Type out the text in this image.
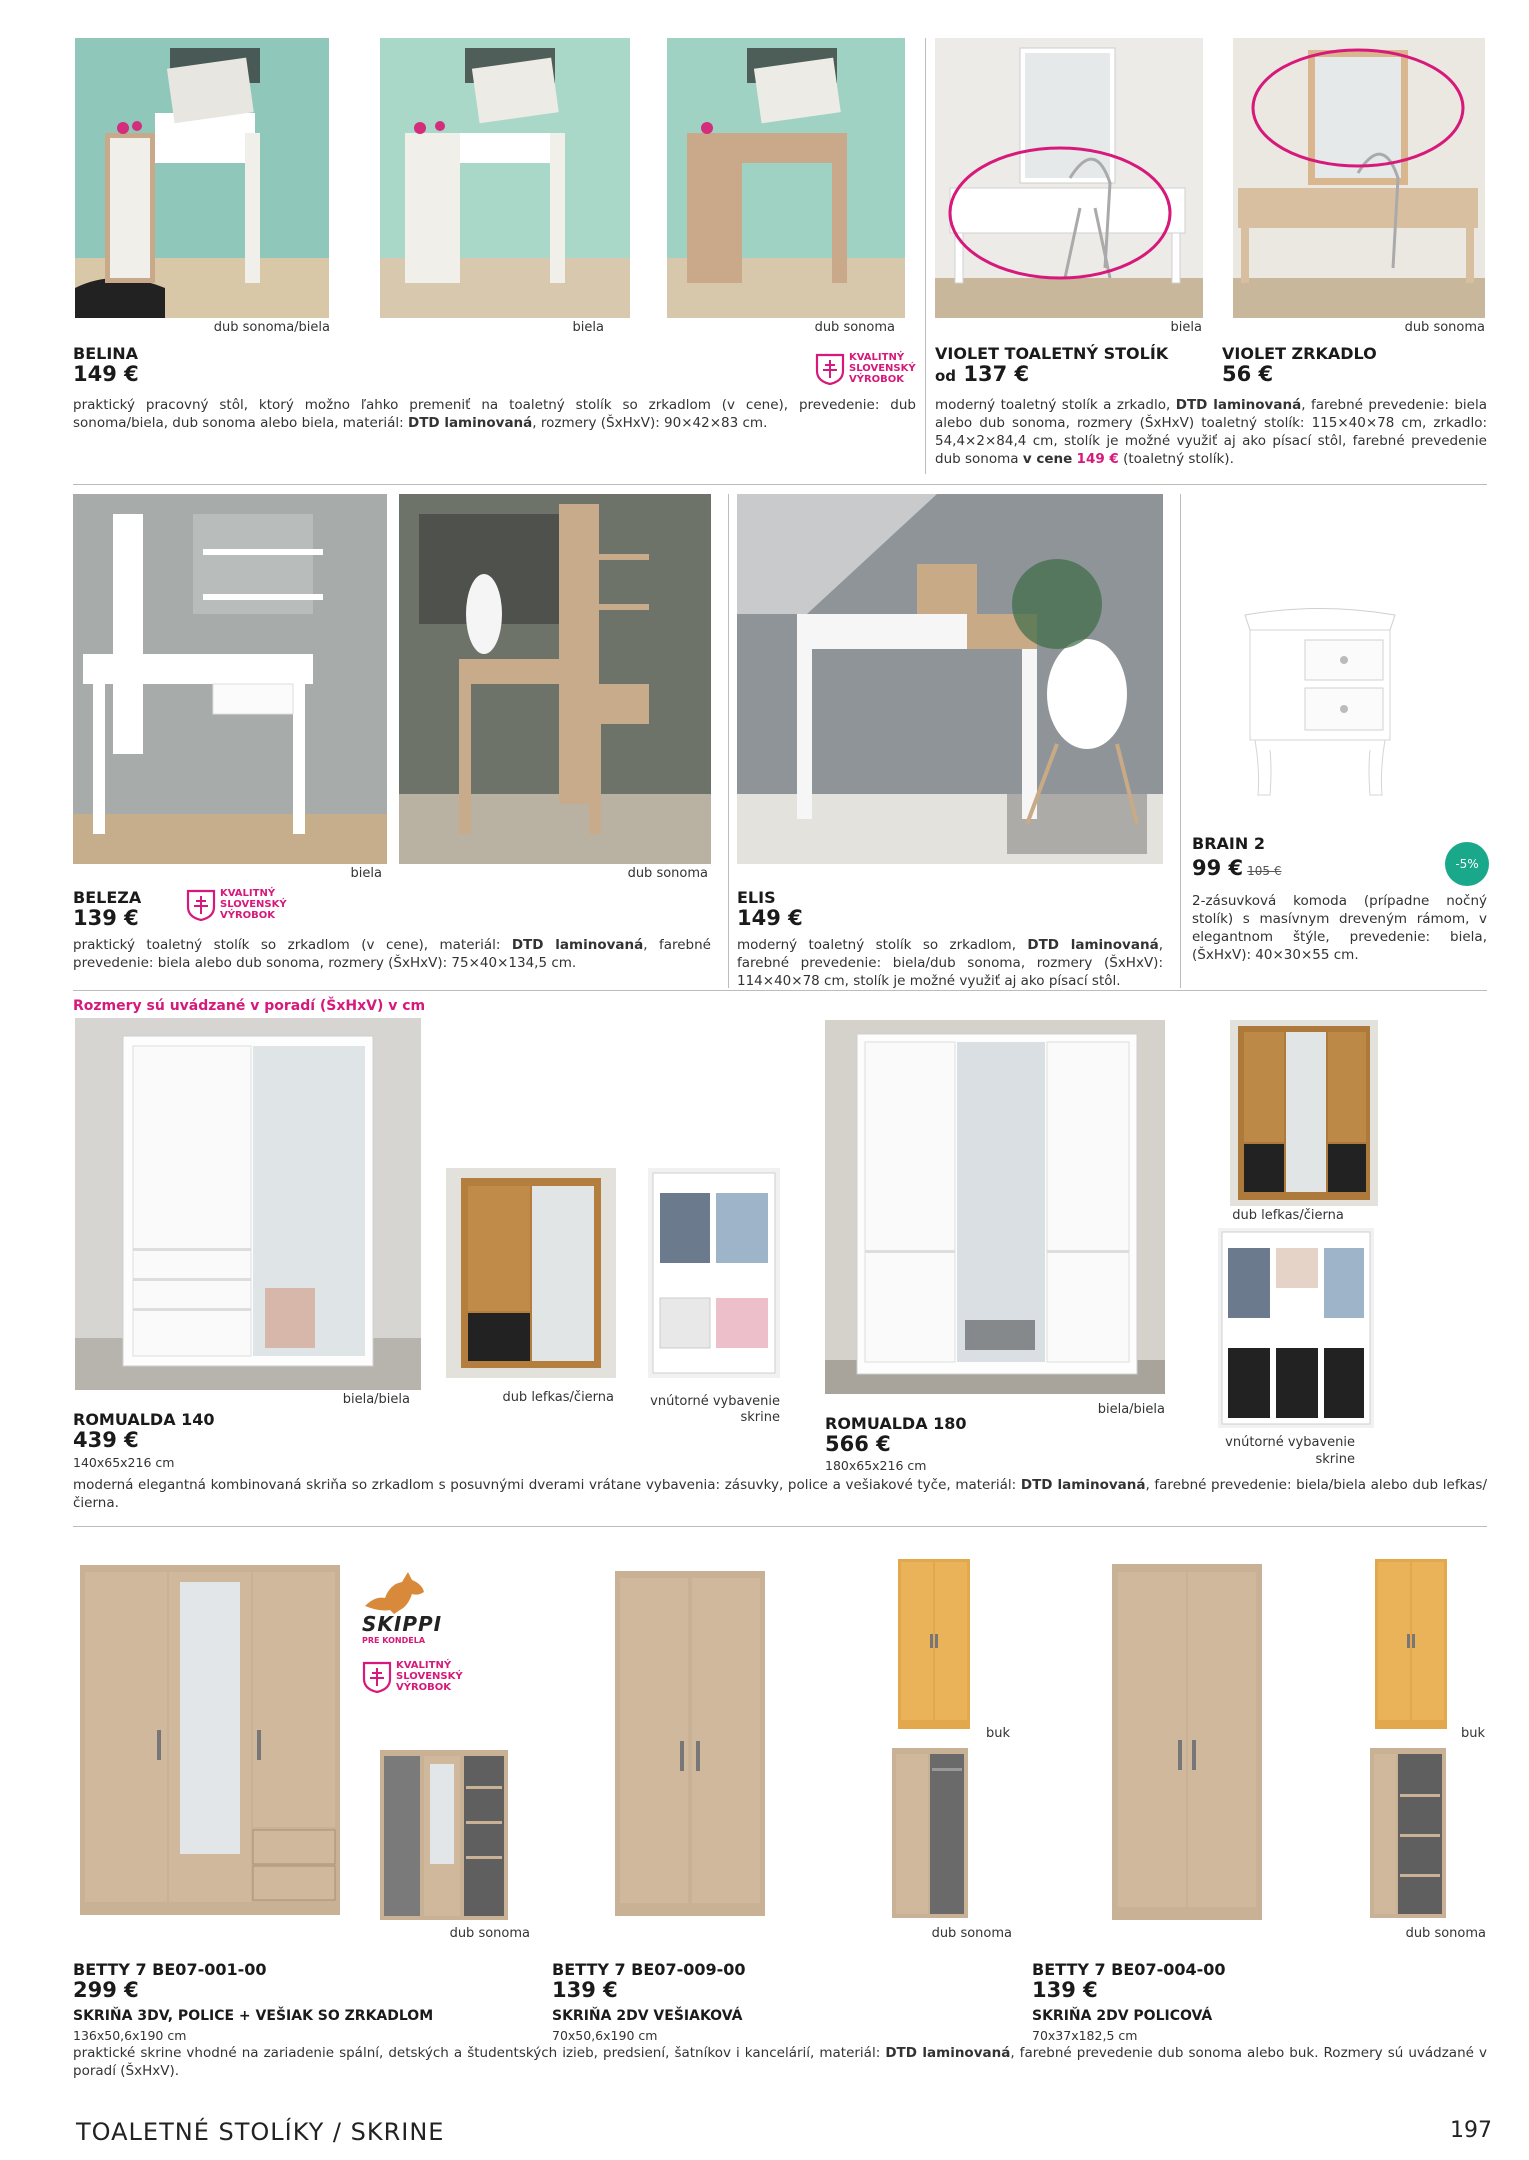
dub sonoma/biela	biela	dub sonoma
BELINA
149 €
KVALITNÝ
SLOVENSKÝ
VÝROBOK
praktický pracovný stôl, ktorý možno ľahko premeniť na toaletný stolík so zrkadlom (v cene), prevedenie: dub sonoma/biela, dub sonoma alebo biela, materiál: DTD laminovaná, rozmery (ŠxHxV): 90×42×83 cm.
biela	dub sonoma
VIOLET TOALETNÝ STOLÍK
od 137 €
VIOLET ZRKADLO
56 €
moderný toaletný stolík a zrkadlo, DTD laminovaná, farebné prevedenie: biela alebo dub sonoma, rozmery (ŠxHxV) toaletný stolík: 115×40×78 cm, zrkadlo: 54,4×2×84,4 cm, stolík je možné využiť aj ako písací stôl, farebné prevedenie dub sonoma v cene 149 € (toaletný stolík).
biela	dub sonoma
BELEZA
139 €
KVALITNÝ
SLOVENSKÝ
VÝROBOK
praktický toaletný stolík so zrkadlom (v cene), materiál: DTD laminovaná, farebné prevedenie: biela alebo dub sonoma, rozmery (ŠxHxV): 75×40×134,5 cm.
ELIS
149 €
moderný toaletný stolík so zrkadlom, DTD laminovaná, farebné prevedenie: biela/dub sonoma, rozmery (ŠxHxV): 114×40×78 cm, stolík je možné využiť aj ako písací stôl.
BRAIN 2
99 € 105 €	-5%
2-zásuvková komoda (prípadne nočný stolík) s masívnym dreveným rámom, v elegantnom štýle, prevedenie: biela, (ŠxHxV): 40×30×55 cm.
Rozmery sú uvádzané v poradí (ŠxHxV) v cm
biela/biela	dub lefkas/čierna	vnútorné vybavenie skrine
ROMUALDA 140
439 €
140x65x216 cm
biela/biela
ROMUALDA 180
566 €
180x65x216 cm
dub lefkas/čierna
vnútorné vybavenie skrine
moderná elegantná kombinovaná skriňa so zrkadlom s posuvnými dverami vrátane vybavenia: zásuvky, police a vešiakové tyče, materiál: DTD laminovaná, farebné prevedenie: biela/biela alebo dub lefkas/ čierna.
SKIPPI
PRE KONDELA
KVALITNÝ
SLOVENSKÝ
VÝROBOK
dub sonoma
buk
dub sonoma
buk
dub sonoma
BETTY 7 BE07-001-00
299 €
SKRIŇA 3DV, POLICE + VEŠIAK SO ZRKADLOM
136x50,6x190 cm
BETTY 7 BE07-009-00
139 €
SKRIŇA 2DV VEŠIAKOVÁ
70x50,6x190 cm
BETTY 7 BE07-004-00
139 €
SKRIŇA 2DV POLICOVÁ
70x37x182,5 cm
praktické skrine vhodné na zariadenie spální, detských a študentských izieb, predsiení, šatníkov i kancelárií, materiál: DTD laminovaná, farebné prevedenie dub sonoma alebo buk. Rozmery sú uvádzané v poradí (ŠxHxV).
TOALETNÉ STOLÍKY / SKRINE	197
